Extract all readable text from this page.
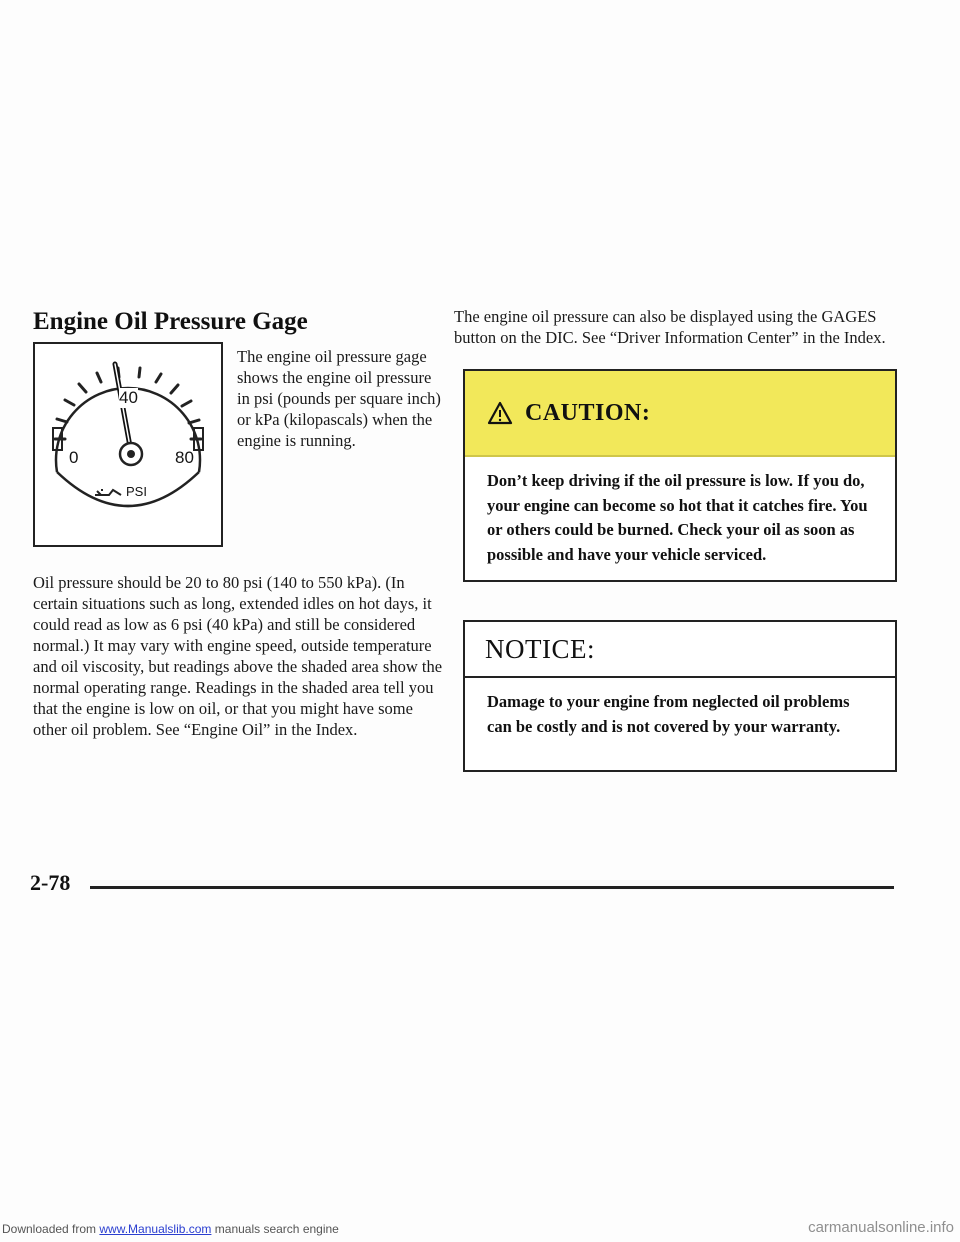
Engine Oil Pressure Gage
0
40
80
PSI

The engine oil pressure gage shows the engine oil pressure in psi (pounds per square inch) or kPa (kilopascals) when the engine is running.

Oil pressure should be 20 to 80 psi (140 to 550 kPa). (In certain situations such as long, extended idles on hot days, it could read as low as 6 psi (40 kPa) and still be considered normal.) It may vary with engine speed, outside temperature and oil viscosity, but readings above the shaded area show the normal operating range. Readings in the shaded area tell you that the engine is low on oil, or that you might have some other oil problem. See “Engine Oil” in the Index.

The engine oil pressure can also be displayed using the GAGES button on the DIC. See “Driver Information Center” in the Index.

CAUTION:

Don’t keep driving if the oil pressure is low. If you do, your engine can become so hot that it catches fire. You or others could be burned. Check your oil as soon as possible and have your vehicle serviced.

NOTICE:

Damage to your engine from neglected oil problems can be costly and is not covered by your warranty.

2-78
Downloaded from www.Manualslib.com manuals search engine	carmanualsonline.info
